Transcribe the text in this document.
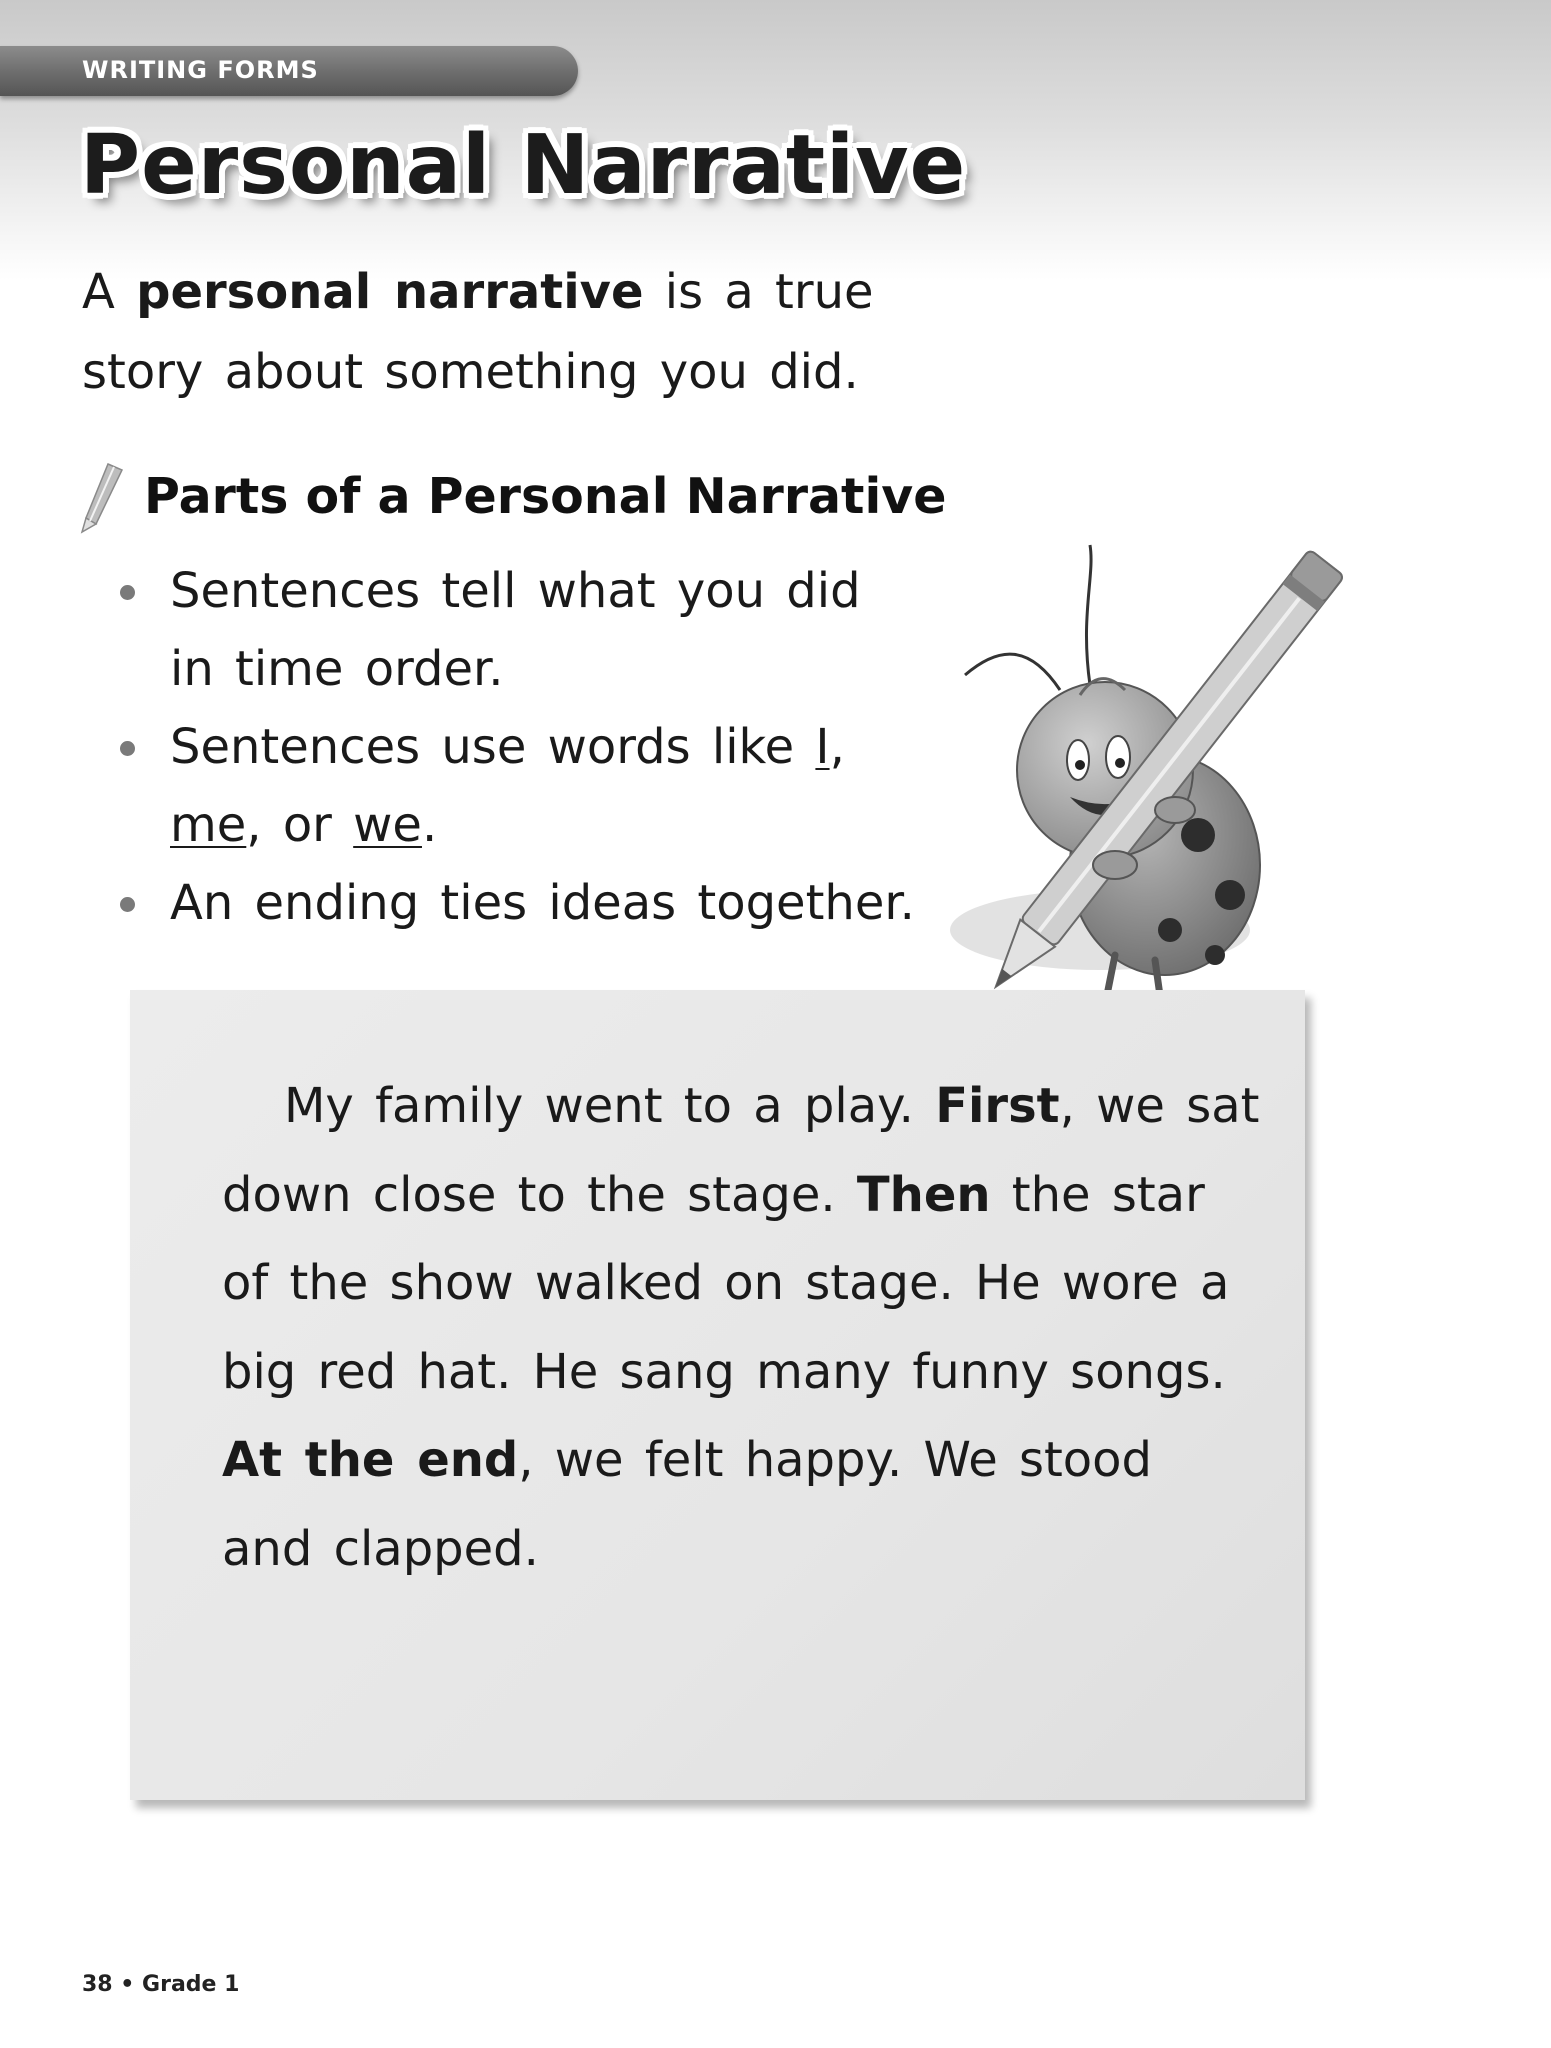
WRITING FORMS
Personal Narrative

A personal narrative is a true story about something you did.

Parts of a Personal Narrative
Sentences tell what you did in time order.
Sentences use words like I, me, or we.
An ending ties ideas together.

My family went to a play. First, we sat down close to the stage. Then the star of the show walked on stage. He wore a big red hat. He sang many funny songs. At the end, we felt happy. We stood and clapped.

38 • Grade 1
